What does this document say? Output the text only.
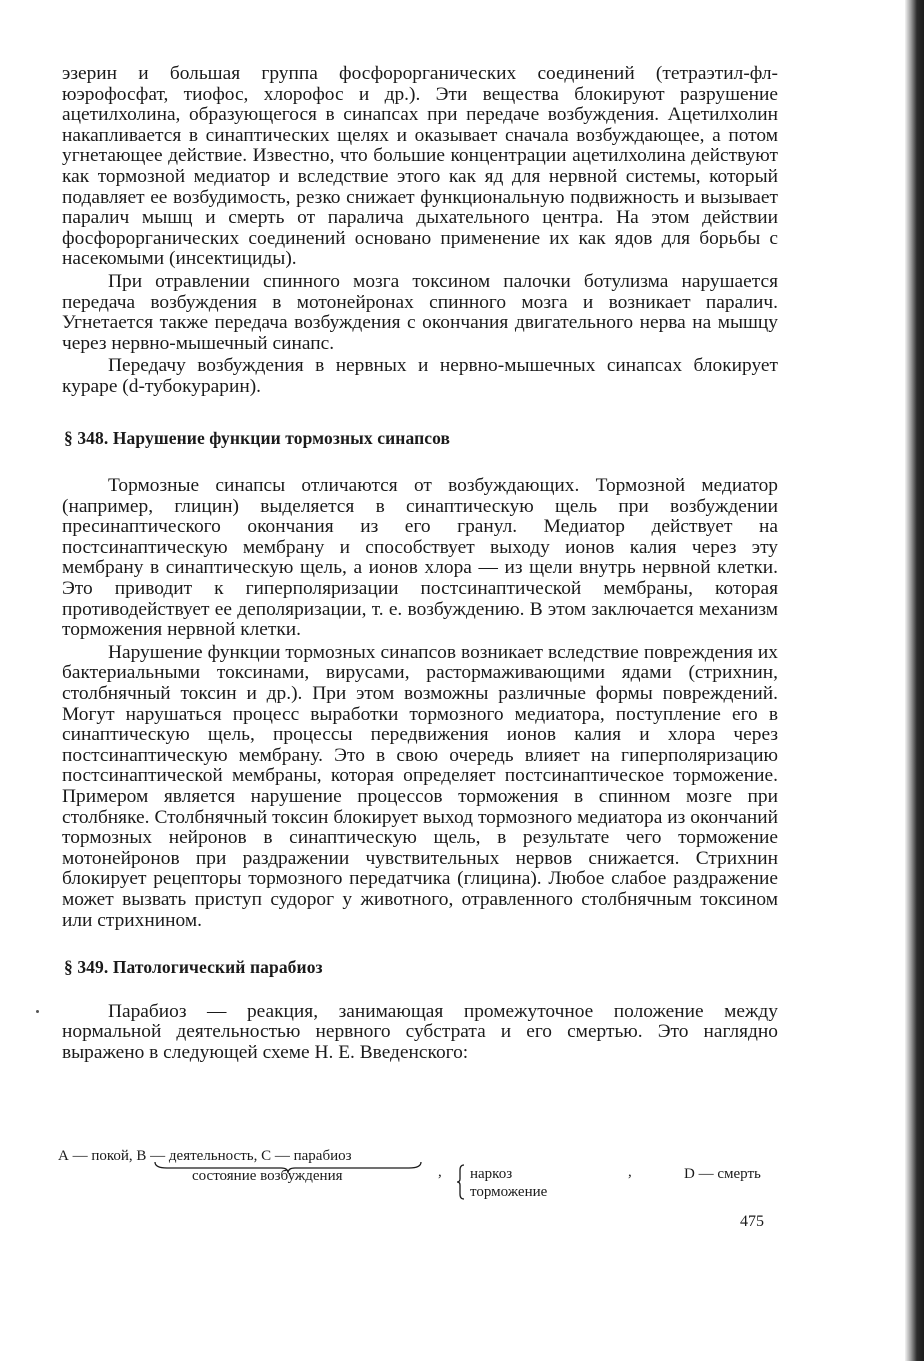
эзерин и большая группа фосфорорганических соединений (тетраэтил-флюэрофосфат, тиофос, хлорофос и др.). Эти вещества блокируют разрушение ацетилхолина, образующегося в синапсах при передаче возбуждения. Ацетилхолин накапливается в синаптических щелях и оказывает сначала возбуждающее, а потом угнетающее действие. Известно, что большие концентрации ацетилхолина действуют как тормозной медиатор и вследствие этого как яд для нервной системы, который подавляет ее возбудимость, резко снижает функциональную подвижность и вызывает паралич мышц и смерть от паралича дыхательного центра. На этом действии фосфорорганических соединений основано применение их как ядов для борьбы с насекомыми (инсектициды).

При отравлении спинного мозга токсином палочки ботулизма нарушается передача возбуждения в мотонейронах спинного мозга и возникает паралич. Угнетается также передача возбуждения с окончания двигательного нерва на мышцу через нервно-мышечный синапс.

Передачу возбуждения в нервных и нервно-мышечных синапсах блокирует кураре (d-тубокурарин).

§ 348. Нарушение функции тормозных синапсов

Тормозные синапсы отличаются от возбуждающих. Тормозной медиатор (например, глицин) выделяется в синаптическую щель при возбуждении пресинаптического окончания из его гранул. Медиатор действует на постсинаптическую мембрану и способствует выходу ионов калия через эту мембрану в синаптическую щель, а ионов хлора — из щели внутрь нервной клетки. Это приводит к гиперполяризации постсинаптической мембраны, которая противодействует ее деполяризации, т. е. возбуждению. В этом заключается механизм торможения нервной клетки.

Нарушение функции тормозных синапсов возникает вследствие повреждения их бактериальными токсинами, вирусами, растормаживающими ядами (стрихнин, столбнячный токсин и др.). При этом возможны различные формы повреждений. Могут нарушаться процесс выработки тормозного медиатора, поступление его в синаптическую щель, процессы передвижения ионов калия и хлора через постсинаптическую мембрану. Это в свою очередь влияет на гиперполяризацию постсинаптической мембраны, которая определяет постсинаптическое торможение. Примером является нарушение процессов торможения в спинном мозге при столбняке. Столбнячный токсин блокирует выход тормозного медиатора из окончаний тормозных нейронов в синаптическую щель, в результате чего торможение мотонейронов при раздражении чувствительных нервов снижается. Стрихнин блокирует рецепторы тормозного передатчика (глицина). Любое слабое раздражение может вызвать приступ судорог у животного, отравленного столбнячным токсином или стрихнином.

§ 349. Патологический парабиоз

Парабиоз — реакция, занимающая промежуточное положение между нормальной деятельностью нервного субстрата и его смертью. Это наглядно выражено в следующей схеме Н. Е. Введенского:

А — покой, В — деятельность, С — парабиоз
состояние возбуждения	, наркоз
торможение
,	D — смерть
475
